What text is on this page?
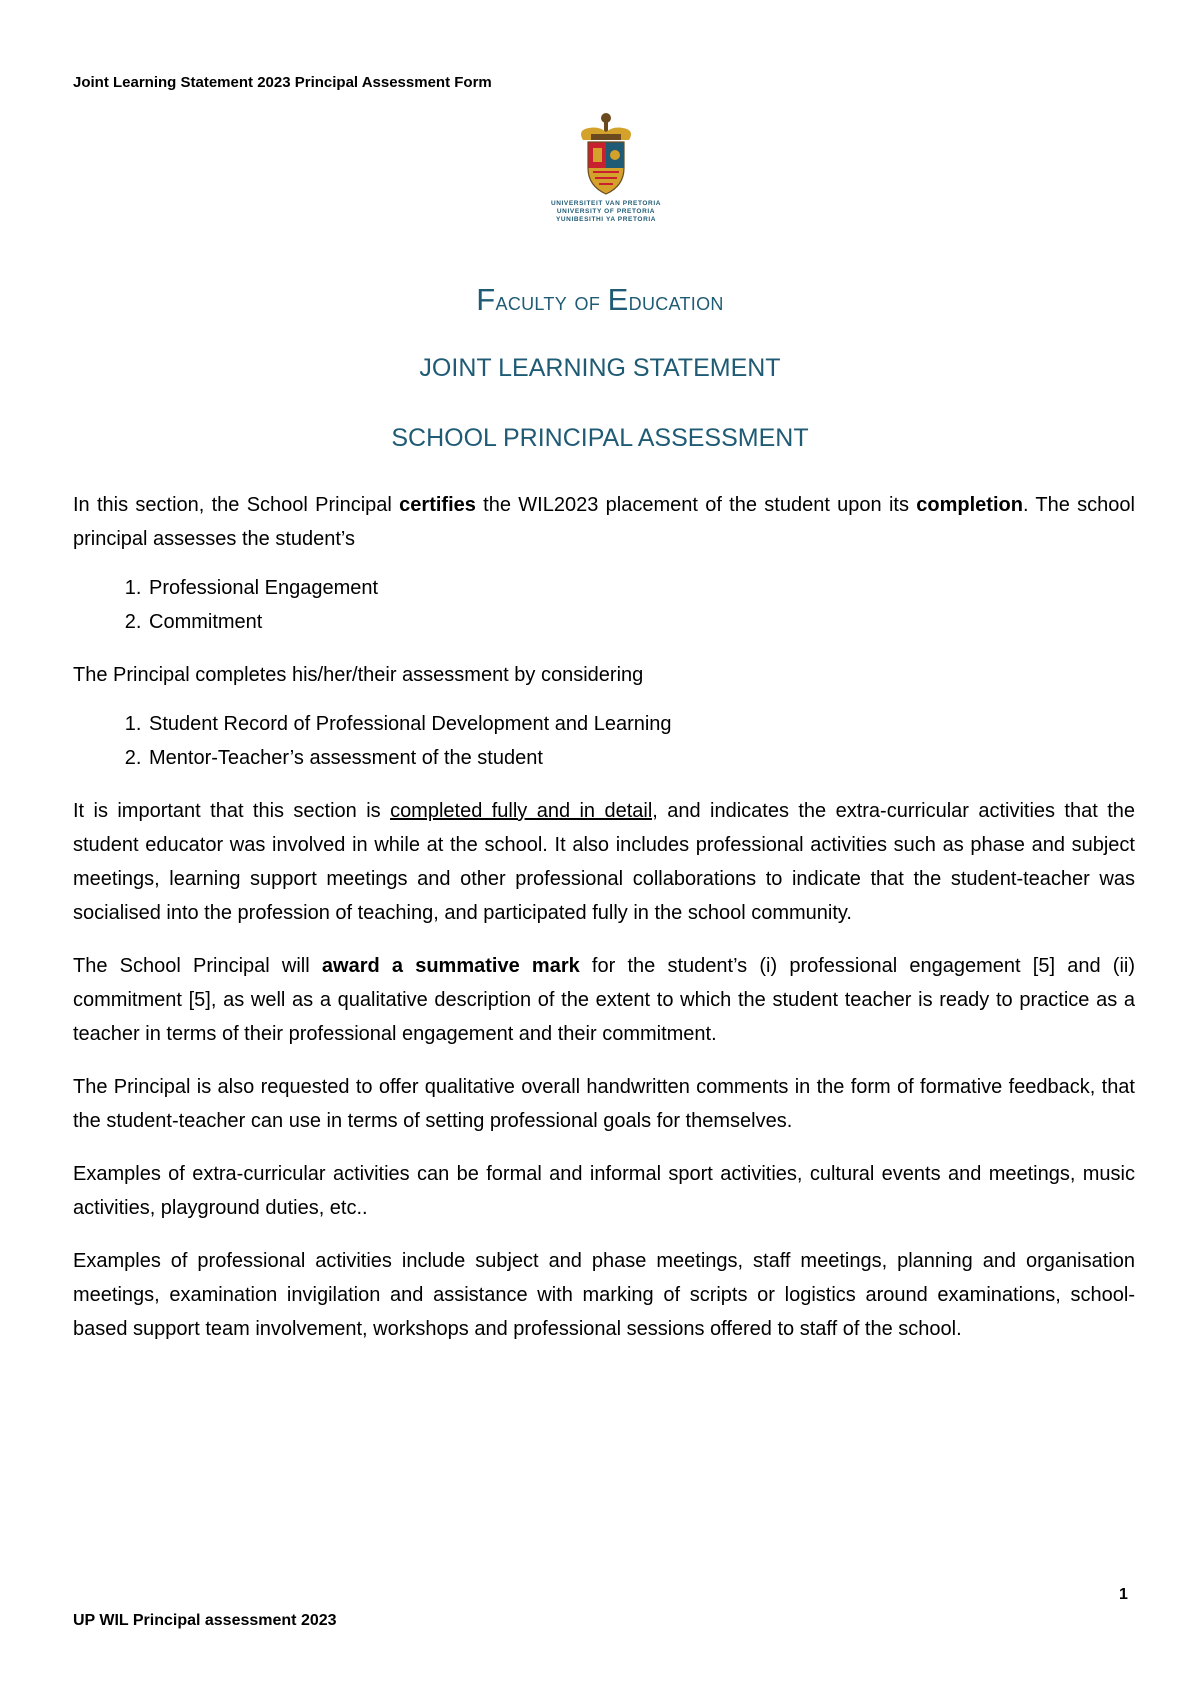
Joint Learning Statement 2023 Principal Assessment Form
UNIVERSITEIT VAN PRETORIA
UNIVERSITY OF PRETORIA
YUNIBESITHI YA PRETORIA
Faculty of Education
JOINT LEARNING STATEMENT
SCHOOL PRINCIPAL ASSESSMENT

In this section, the School Principal certifies the WIL2023 placement of the student upon its completion. The school principal assesses the student’s

1. Professional Engagement
2. Commitment

The Principal completes his/her/their assessment by considering

1. Student Record of Professional Development and Learning
2. Mentor-Teacher’s assessment of the student

It is important that this section is completed fully and in detail, and indicates the extra-curricular activities that the student educator was involved in while at the school. It also includes professional activities such as phase and subject meetings, learning support meetings and other professional collaborations to indicate that the student-teacher was socialised into the profession of teaching, and participated fully in the school community.

The School Principal will award a summative mark for the student’s (i) professional engagement [5] and (ii) commitment [5], as well as a qualitative description of the extent to which the student teacher is ready to practice as a teacher in terms of their professional engagement and their commitment.

The Principal is also requested to offer qualitative overall handwritten comments in the form of formative feedback, that the student-teacher can use in terms of setting professional goals for themselves.

Examples of extra-curricular activities can be formal and informal sport activities, cultural events and meetings, music activities, playground duties, etc..

Examples of professional activities include subject and phase meetings, staff meetings, planning and organisation meetings, examination invigilation and assistance with marking of scripts or logistics around examinations, school-based support team involvement, workshops and professional sessions offered to staff of the school.

1
UP WIL Principal assessment 2023
